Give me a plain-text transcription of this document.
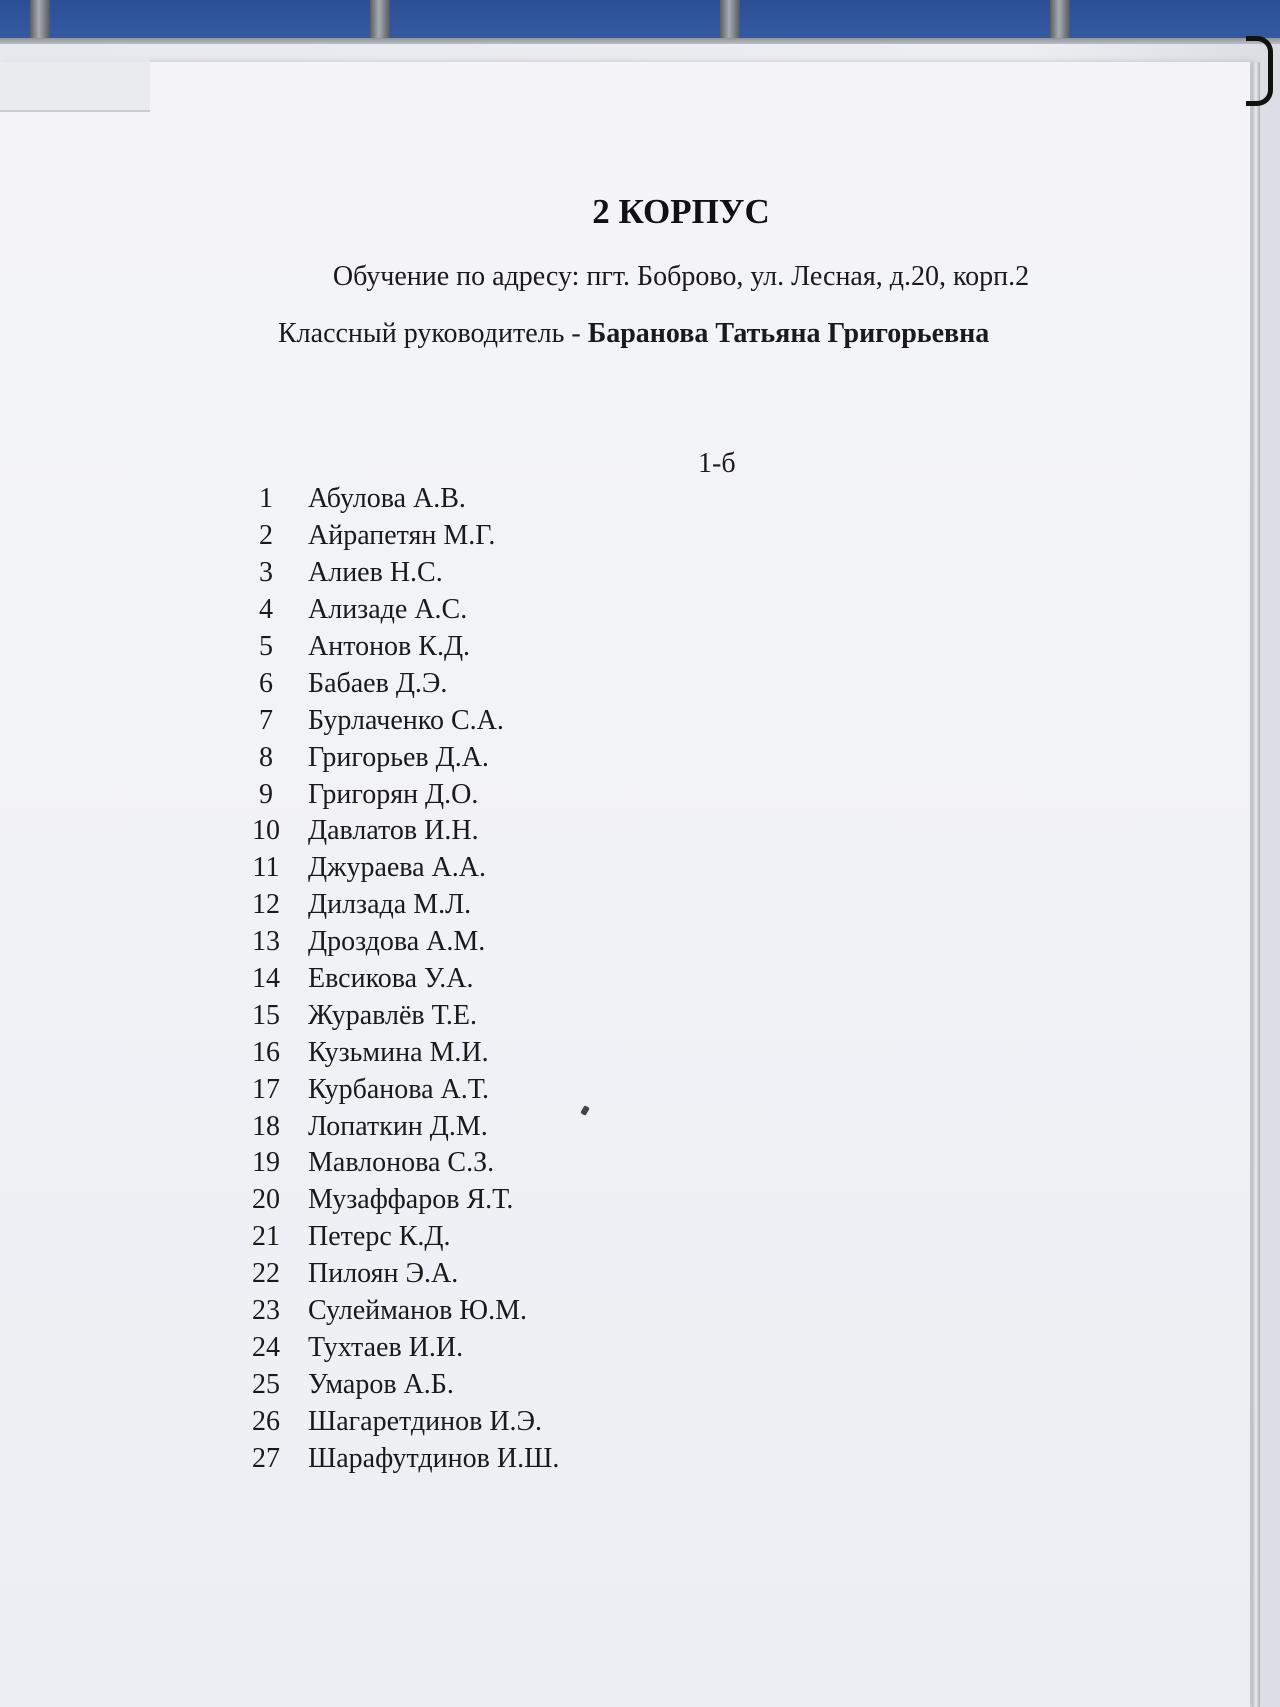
2 КОРПУС
Обучение по адресу: пгт. Боброво, ул. Лесная, д.20, корп.2
Классный руководитель - Баранова Татьяна Григорьевна
1-б
1	Абулова А.В.
2	Айрапетян М.Г.
3	Алиев Н.С.
4	Ализаде А.С.
5	Антонов К.Д.
6	Бабаев Д.Э.
7	Бурлаченко С.А.
8	Григорьев Д.А.
9	Григорян Д.О.
10	Давлатов И.Н.
11	Джураева А.А.
12	Дилзада М.Л.
13	Дроздова А.М.
14	Евсикова У.А.
15	Журавлёв Т.Е.
16	Кузьмина М.И.
17	Курбанова А.Т.
18	Лопаткин Д.М.
19	Мавлонова С.З.
20	Музаффаров Я.Т.
21	Петерс К.Д.
22	Пилоян Э.А.
23	Сулейманов Ю.М.
24	Тухтаев И.И.
25	Умаров А.Б.
26	Шагаретдинов И.Э.
27	Шарафутдинов И.Ш.
